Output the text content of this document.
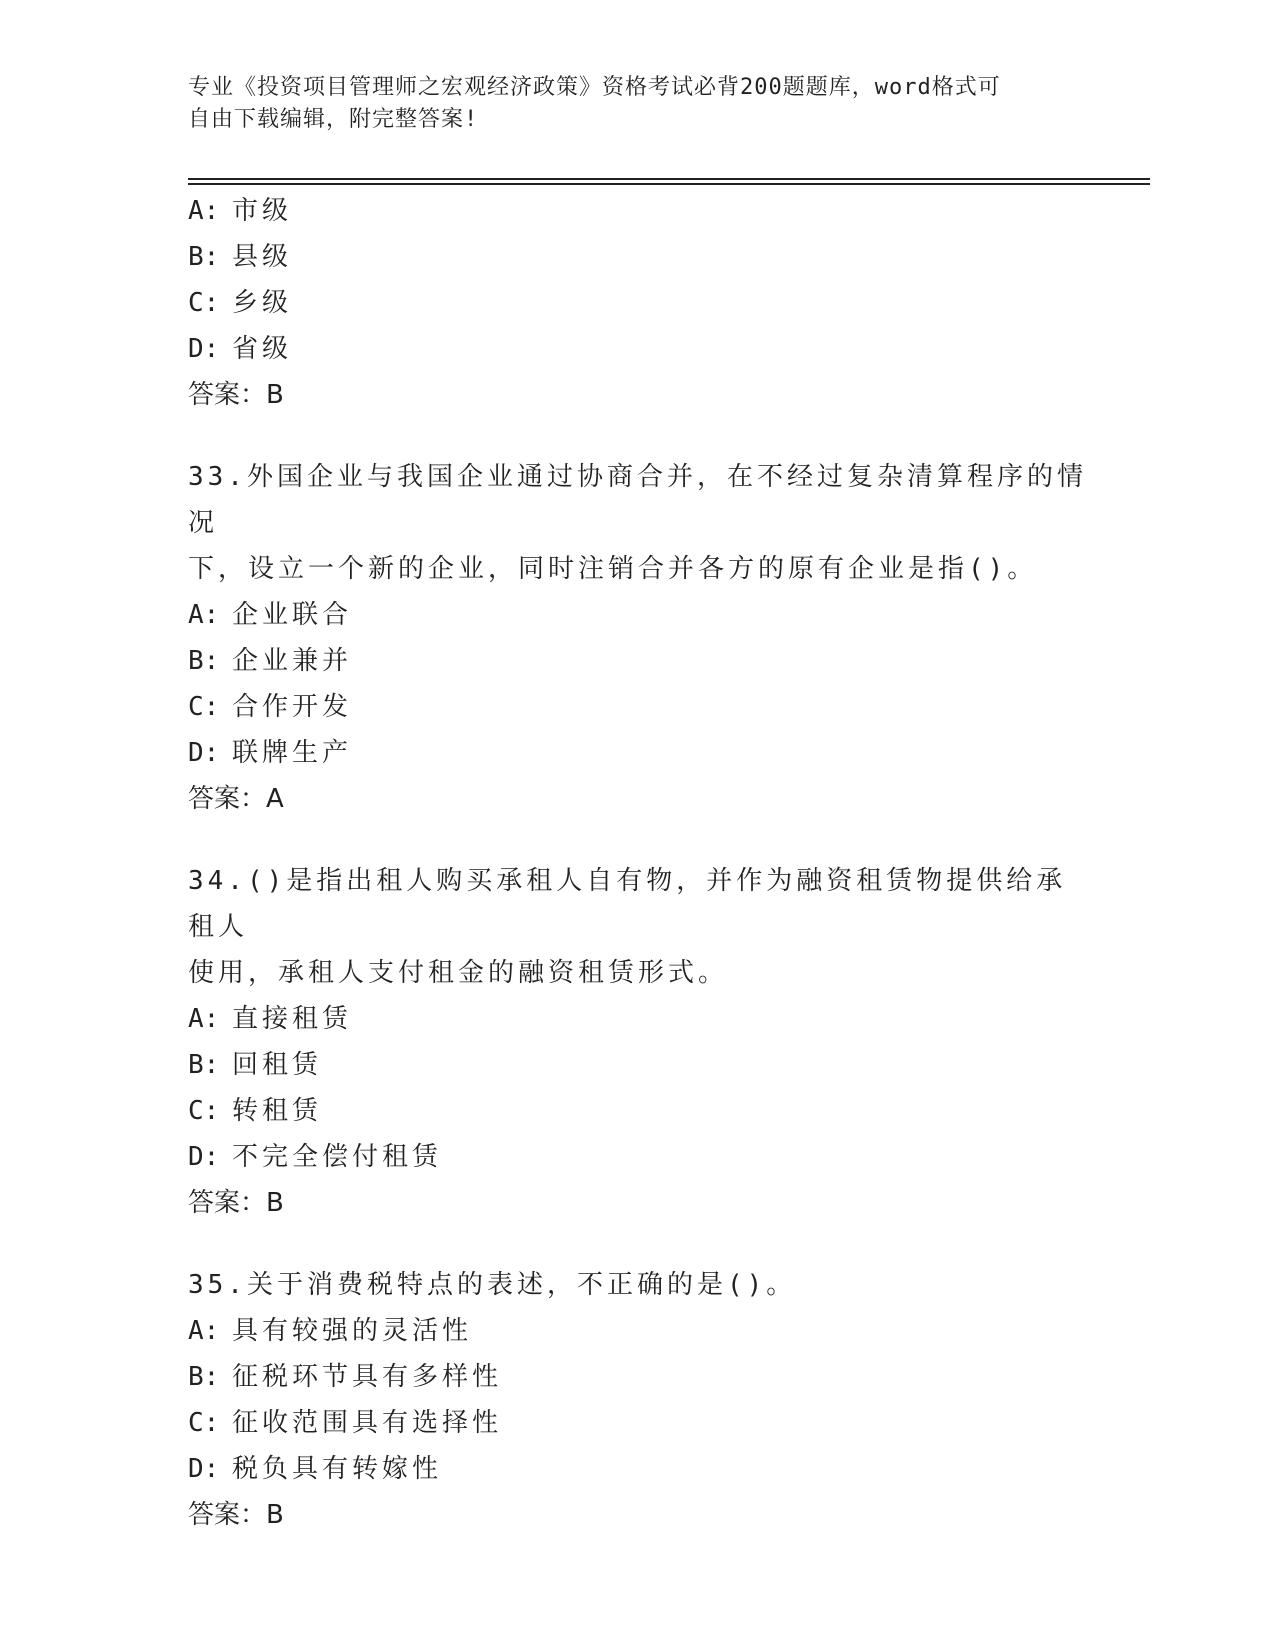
专业《投资项目管理师之宏观经济政策》资格考试必背200题题库，word格式可
自由下载编辑，附完整答案!
A: 市级
B: 县级
C: 乡级
D: 省级
答案：B
33.外国企业与我国企业通过协商合并，在不经过复杂清算程序的情况
下，设立一个新的企业，同时注销合并各方的原有企业是指()。
A: 企业联合
B: 企业兼并
C: 合作开发
D: 联牌生产
答案：A
34.()是指出租人购买承租人自有物，并作为融资租赁物提供给承租人
使用，承租人支付租金的融资租赁形式。
A: 直接租赁
B: 回租赁
C: 转租赁
D: 不完全偿付租赁
答案：B
35.关于消费税特点的表述，不正确的是()。
A: 具有较强的灵活性
B: 征税环节具有多样性
C: 征收范围具有选择性
D: 税负具有转嫁性
答案：B
